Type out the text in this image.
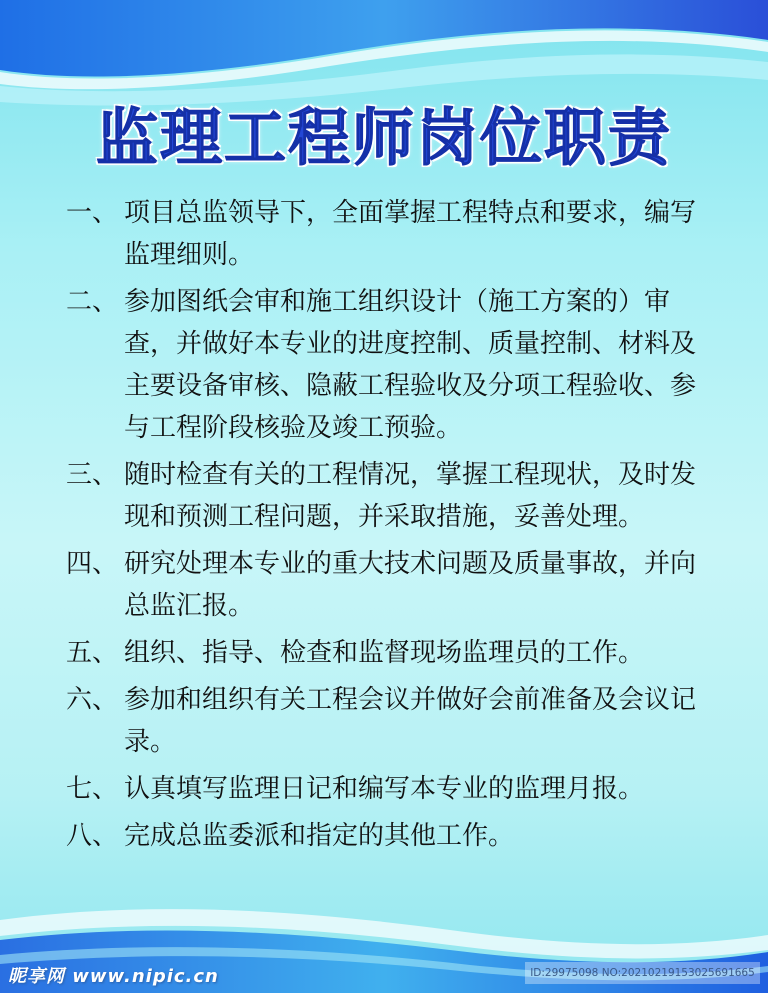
监理工程师岗位职责
一、 项目总监领导下，全面掌握工程特点和要求，编写监理细则。
二、 参加图纸会审和施工组织设计（施工方案的）审查，并做好本专业的进度控制、质量控制、材料及主要设备审核、隐蔽工程验收及分项工程验收、参与工程阶段核验及竣工预验。
三、 随时检查有关的工程情况，掌握工程现状，及时发现和预测工程问题，并采取措施，妥善处理。
四、 研究处理本专业的重大技术问题及质量事故，并向总监汇报。
五、 组织、指导、检查和监督现场监理员的工作。
六、 参加和组织有关工程会议并做好会前准备及会议记录。
七、 认真填写监理日记和编写本专业的监理月报。
八、 完成总监委派和指定的其他工作。
昵享网 www.nipic.cn	ID:29975098 NO:20210219153025691665
